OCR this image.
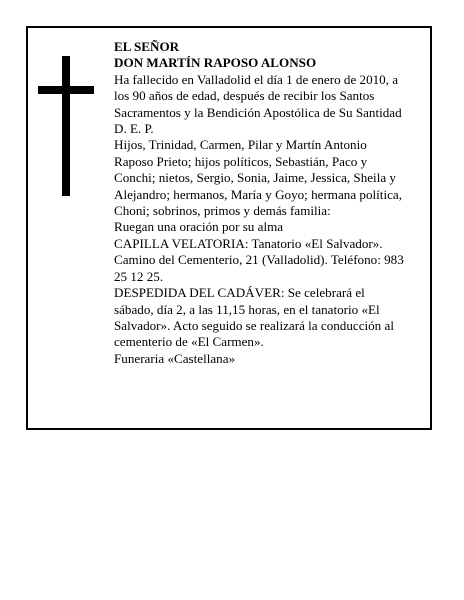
EL SEÑOR

DON MARTÍN RAPOSO ALONSO

Ha fallecido en Valladolid el día 1 de enero de 2010, a los 90 años de edad, después de recibir los Santos Sacramentos y la Bendición Apostólica de Su Santidad D. E. P.

Hijos, Trinidad, Carmen, Pilar y Martín Antonio Raposo Prieto; hijos políticos, Sebastián, Paco y Conchi; nietos, Sergio, Sonia, Jaime, Jessica, Sheila y Alejandro; hermanos, María y Goyo; hermana política, Choni; sobrinos, primos y demás familia:

Ruegan una oración por su alma

CAPILLA VELATORIA: Tanatorio «El Salvador». Camino del Cementerio, 21 (Valladolid). Teléfono: 983 25 12 25.

DESPEDIDA DEL CADÁVER: Se celebrará el sábado, día 2, a las 11,15 horas, en el tanatorio «El Salvador». Acto seguido se realizará la conducción al cementerio de «El Carmen».

Funeraria «Castellana»
